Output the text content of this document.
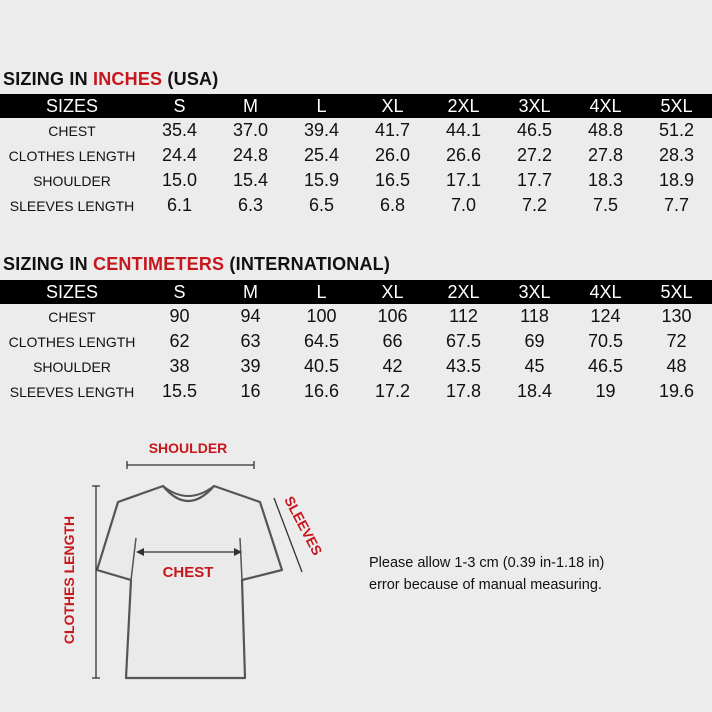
SIZING IN INCHES (USA)
SIZES	S	M	L	XL	2XL	3XL	4XL	5XL
CHEST	35.4	37.0	39.4	41.7	44.1	46.5	48.8	51.2
CLOTHES LENGTH	24.4	24.8	25.4	26.0	26.6	27.2	27.8	28.3
SHOULDER	15.0	15.4	15.9	16.5	17.1	17.7	18.3	18.9
SLEEVES LENGTH	6.1	6.3	6.5	6.8	7.0	7.2	7.5	7.7
SIZING IN CENTIMETERS (INTERNATIONAL)
SIZES	S	M	L	XL	2XL	3XL	4XL	5XL
CHEST	90	94	100	106	112	118	124	130
CLOTHES LENGTH	62	63	64.5	66	67.5	69	70.5	72
SHOULDER	38	39	40.5	42	43.5	45	46.5	48
SLEEVES LENGTH	15.5	16	16.6	17.2	17.8	18.4	19	19.6
SHOULDER
SLEEVES
CHEST
CLOTHES LENGTH	Please allow 1-3 cm (0.39 in-1.18 in)
error because of manual measuring.
